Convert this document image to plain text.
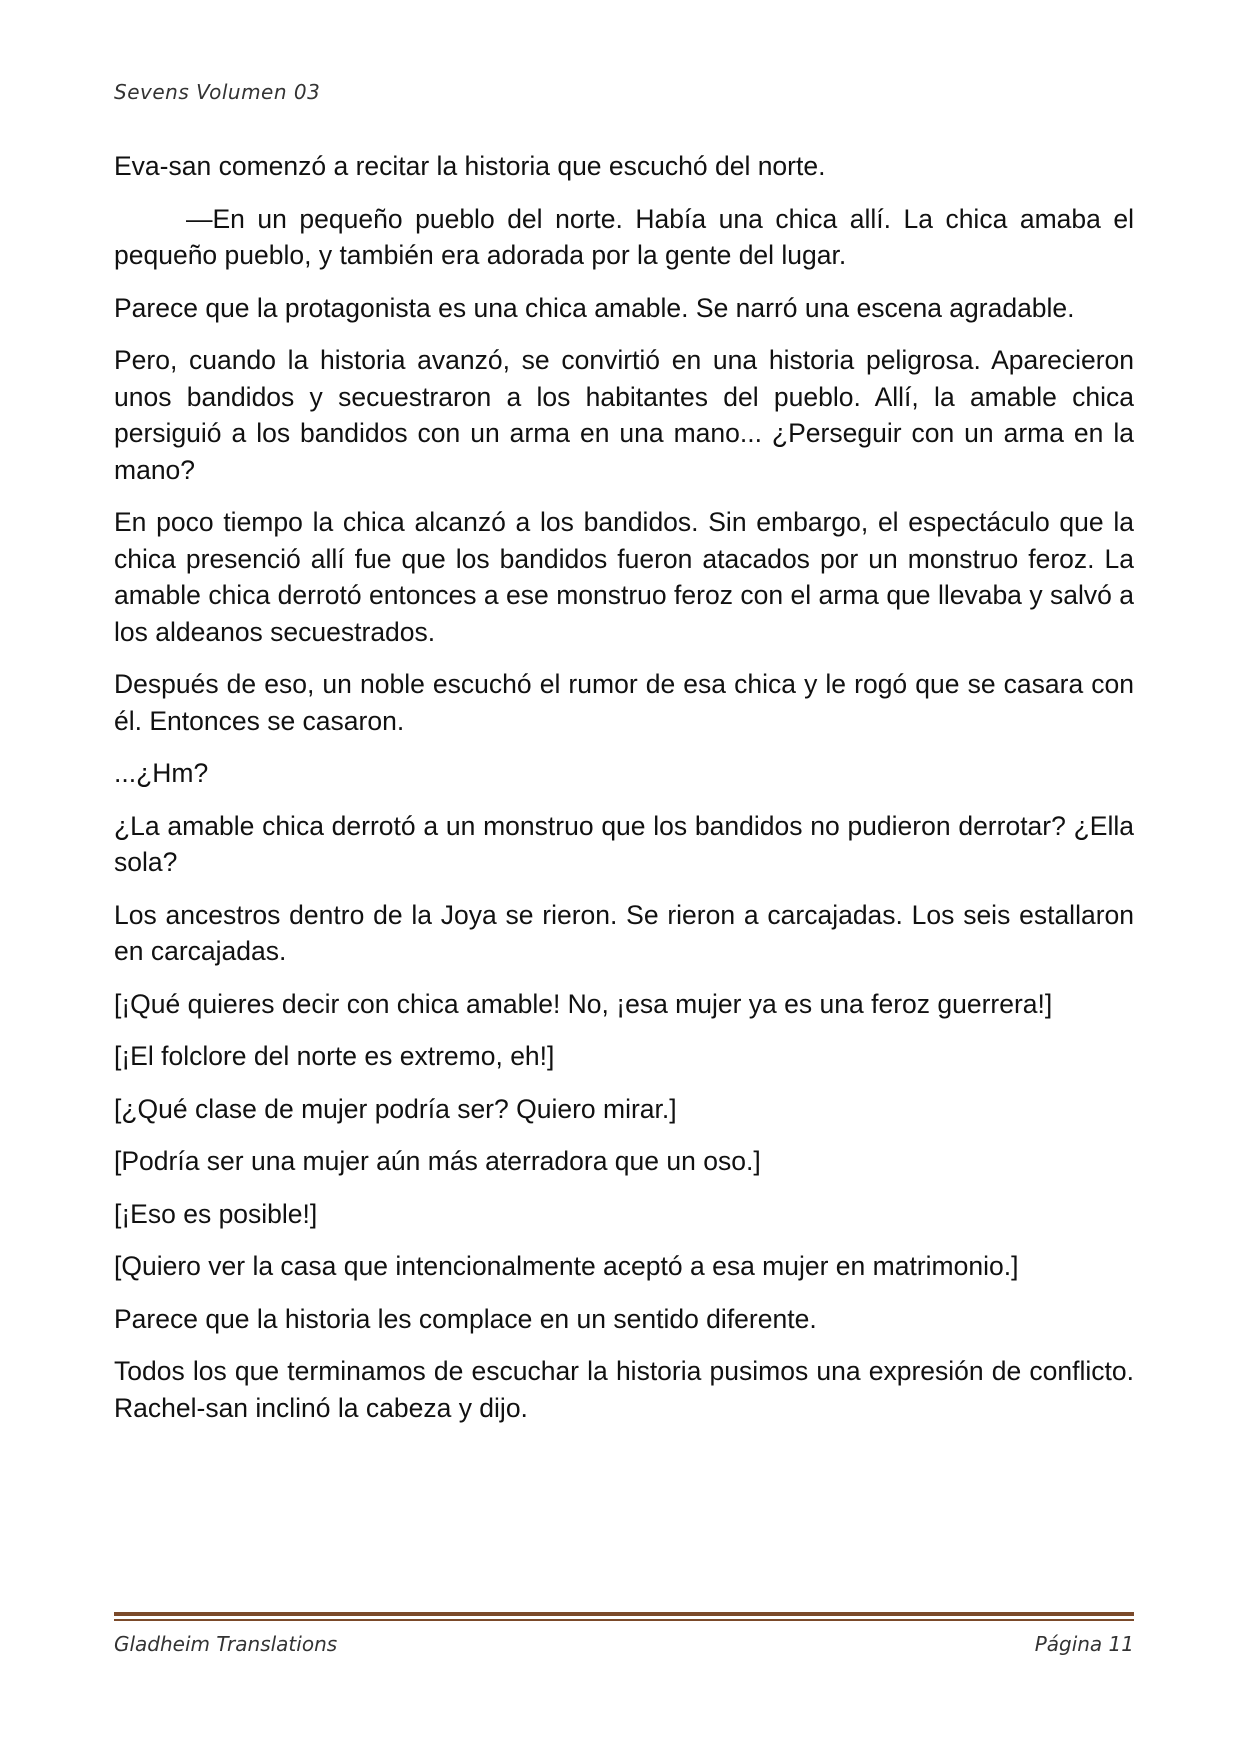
Sevens Volumen 03

Eva-san comenzó a recitar la historia que escuchó del norte.

—En un pequeño pueblo del norte. Había una chica allí. La chica amaba el pequeño pueblo, y también era adorada por la gente del lugar.

Parece que la protagonista es una chica amable. Se narró una escena agradable.

Pero, cuando la historia avanzó, se convirtió en una historia peligrosa. Aparecieron unos bandidos y secuestraron a los habitantes del pueblo. Allí, la amable chica persiguió a los bandidos con un arma en una mano... ¿Perseguir con un arma en la mano?

En poco tiempo la chica alcanzó a los bandidos. Sin embargo, el espectáculo que la chica presenció allí fue que los bandidos fueron atacados por un monstruo feroz. La amable chica derrotó entonces a ese monstruo feroz con el arma que llevaba y salvó a los aldeanos secuestrados.

Después de eso, un noble escuchó el rumor de esa chica y le rogó que se casara con él. Entonces se casaron.

...¿Hm?

¿La amable chica derrotó a un monstruo que los bandidos no pudieron derrotar? ¿Ella sola?

Los ancestros dentro de la Joya se rieron. Se rieron a carcajadas. Los seis estallaron en carcajadas.

[¡Qué quieres decir con chica amable! No, ¡esa mujer ya es una feroz guerrera!]

[¡El folclore del norte es extremo, eh!]

[¿Qué clase de mujer podría ser? Quiero mirar.]

[Podría ser una mujer aún más aterradora que un oso.]

[¡Eso es posible!]

[Quiero ver la casa que intencionalmente aceptó a esa mujer en matrimonio.]

Parece que la historia les complace en un sentido diferente.

Todos los que terminamos de escuchar la historia pusimos una expresión de conflicto. Rachel-san inclinó la cabeza y dijo.

Gladheim Translations	Página 11
